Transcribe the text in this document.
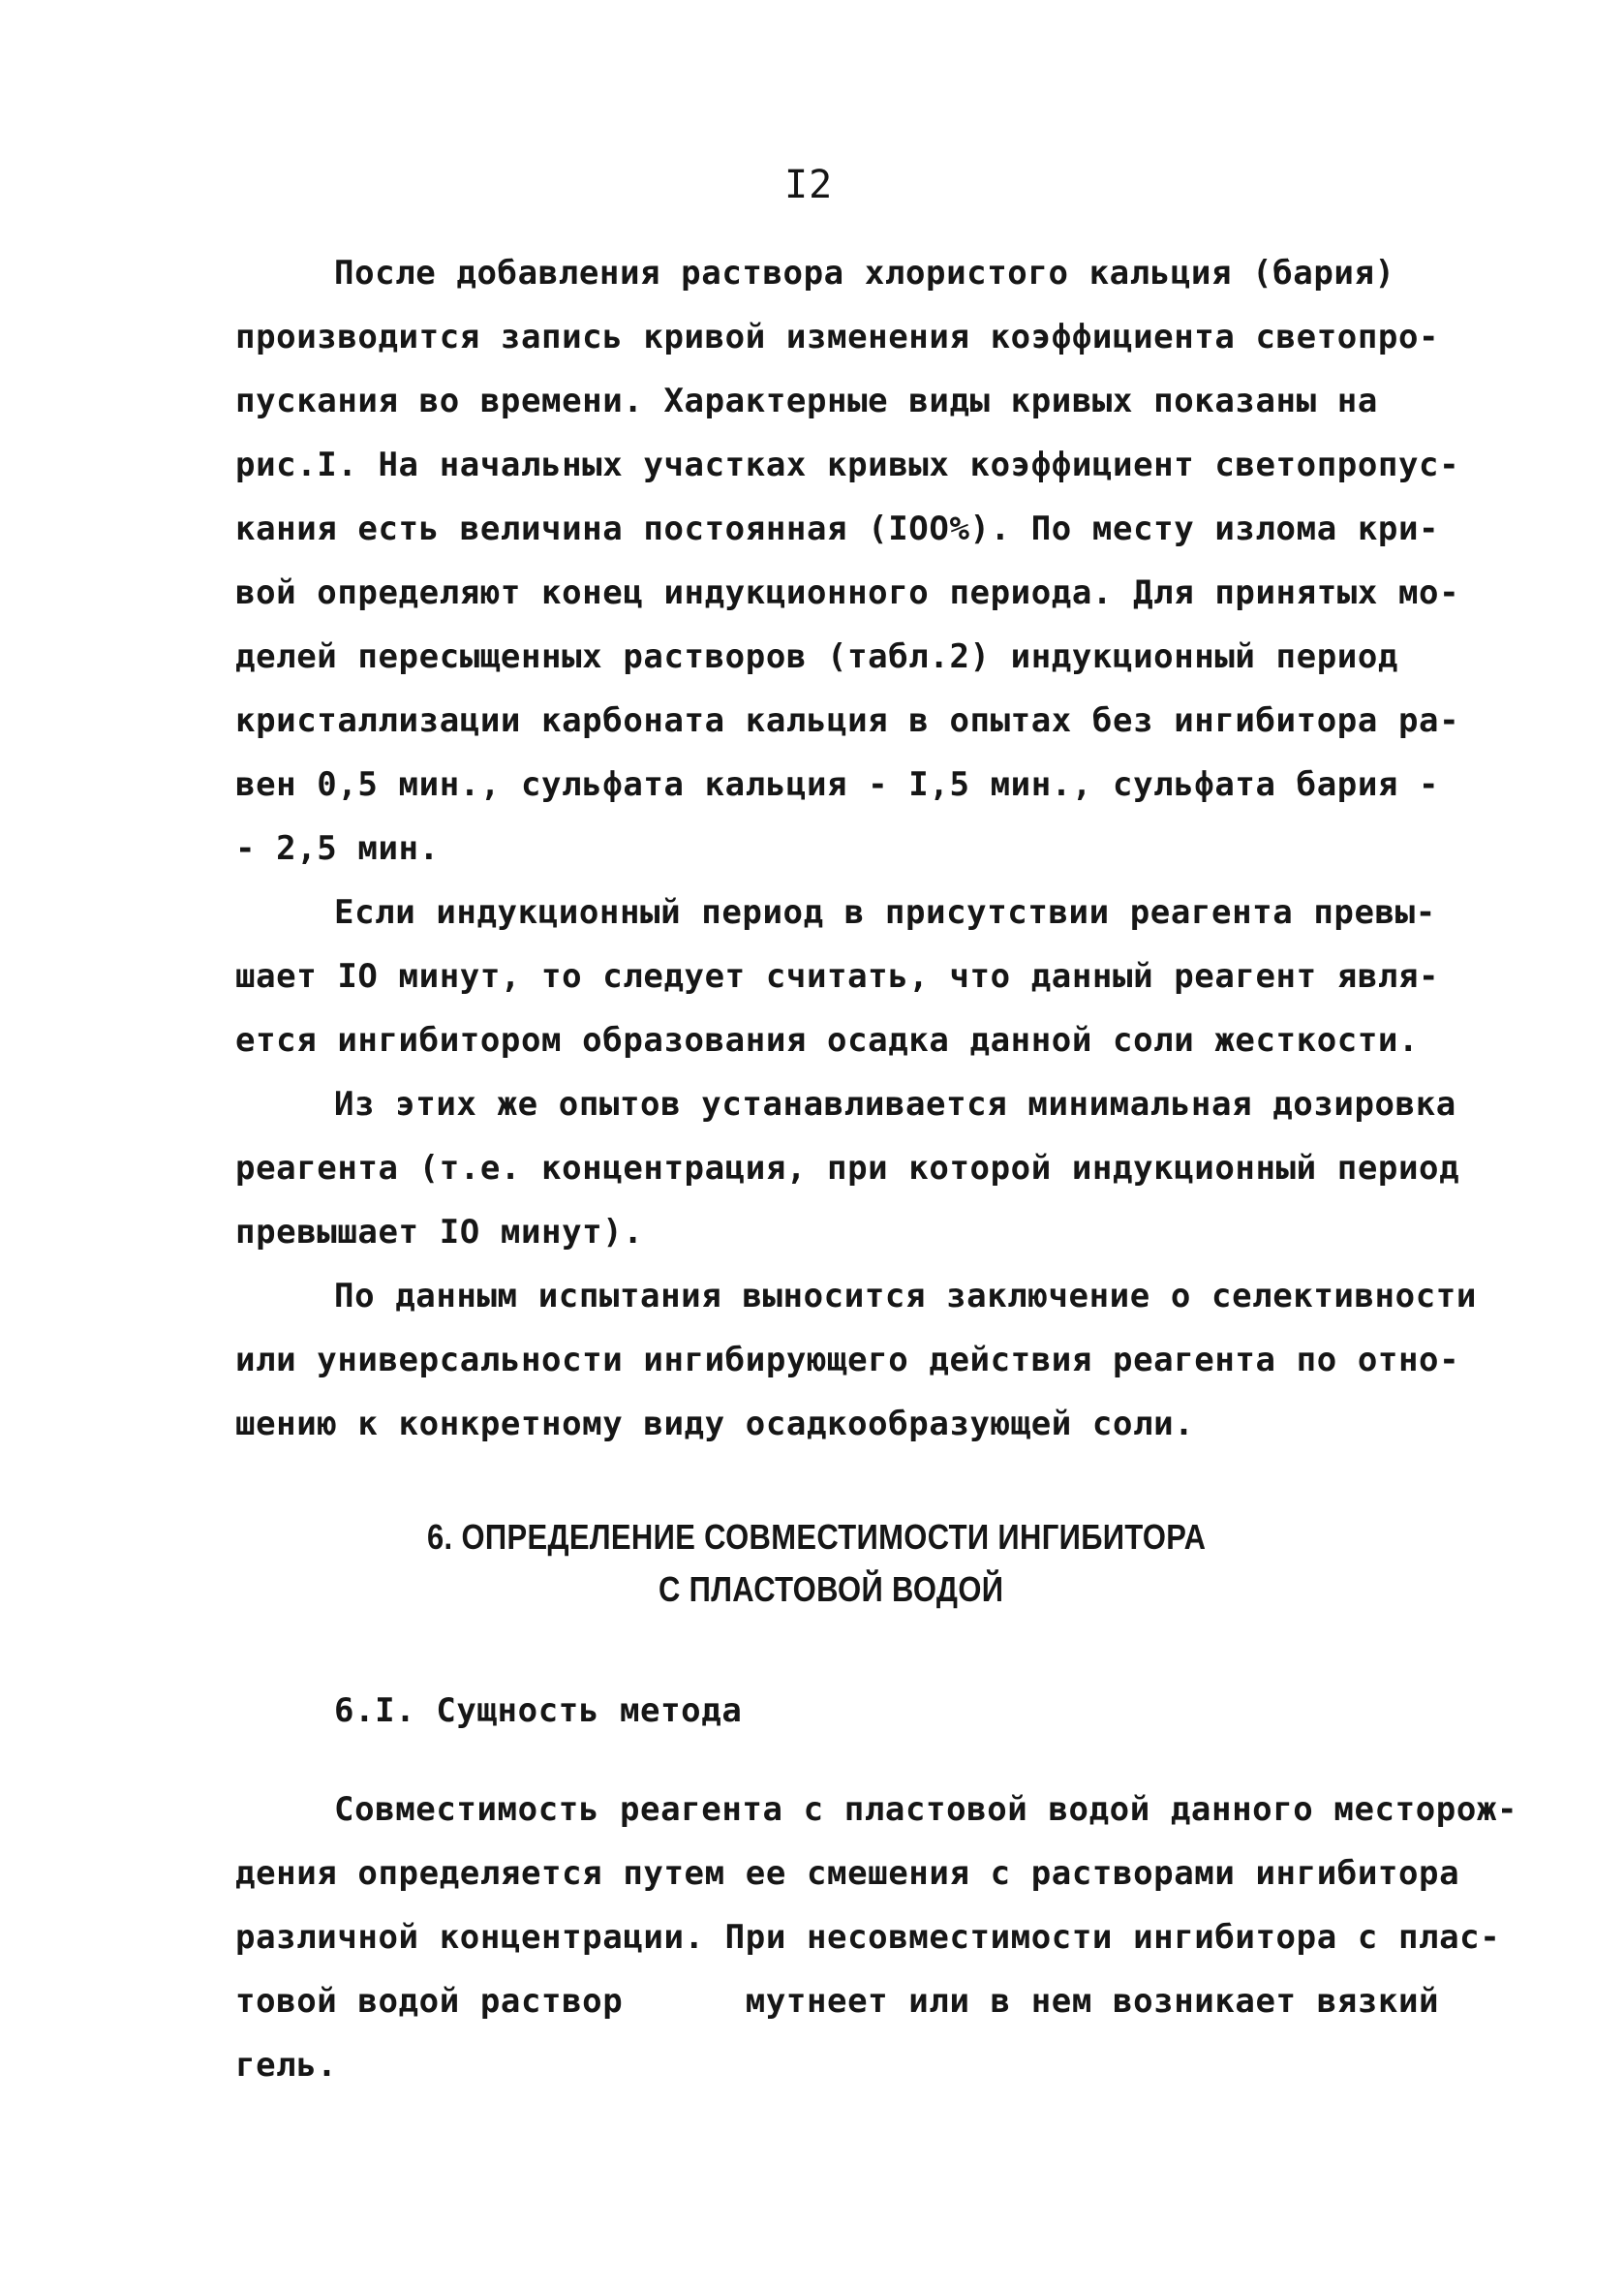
I2
После добавления раствора хлористого кальция (бария)
производится запись кривой изменения коэффициента светопро-
пускания во времени. Характерные виды кривых показаны на
рис.I. На начальных участках кривых коэффициент светопропус-
кания есть величина постоянная (IOO%). По месту излома кри-
вой определяют конец индукционного периода. Для принятых мо-
делей пересыщенных растворов (табл.2) индукционный период
кристаллизации карбоната кальция в опытах без ингибитора ра-
вен 0,5 мин., сульфата кальция - I,5 мин., сульфата бария -
- 2,5 мин.
Если индукционный период в присутствии реагента превы-
шает IO минут, то следует считать, что данный реагент явля-
ется ингибитором образования осадка данной соли жесткости.
Из этих же опытов устанавливается минимальная дозировка
реагента (т.е. концентрация, при которой индукционный период
превышает IO минут).
По данным испытания выносится заключение о селективности
или универсальности ингибирующего действия реагента по отно-
шению к конкретному виду осадкообразующей соли.
6. ОПРЕДЕЛЕНИЕ СОВМЕСТИМОСТИ ИНГИБИТОРА
С ПЛАСТОВОЙ ВОДОЙ
6.I. Сущность метода
Совместимость реагента с пластовой водой данного месторож-
дения определяется путем ее смешения с растворами ингибитора
различной концентрации. При несовместимости ингибитора с плас-
товой водой раствор      мутнеет или в нем возникает вязкий
гель.
